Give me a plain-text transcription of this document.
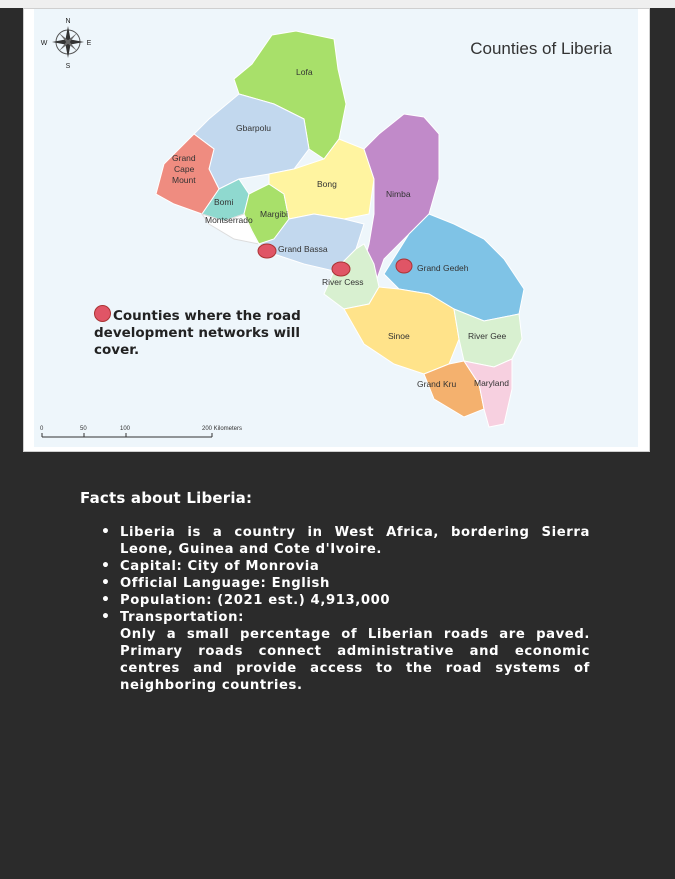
N
S
E
W
Lofa
Gbarpolu
Grand
Cape
Mount
Bomi
Montserrado
Margibi
Bong
Nimba
Grand Bassa
River Cess
Grand Gedeh
Sinoe	River Gee
Grand Kru Maryland
0	50	100	200 Kilometers
Counties of Liberia
Counties where the road development networks will cover.
Facts about Liberia:
• Liberia is a country in West Africa, bordering Sierra Leone, Guinea and Cote d'Ivoire.
• Capital: City of Monrovia
• Official Language: English
• Population: (2021 est.) 4,913,000
• Transportation:
Only a small percentage of Liberian roads are paved. Primary roads connect administrative and economic centres and provide access to the road systems of neighboring countries.
